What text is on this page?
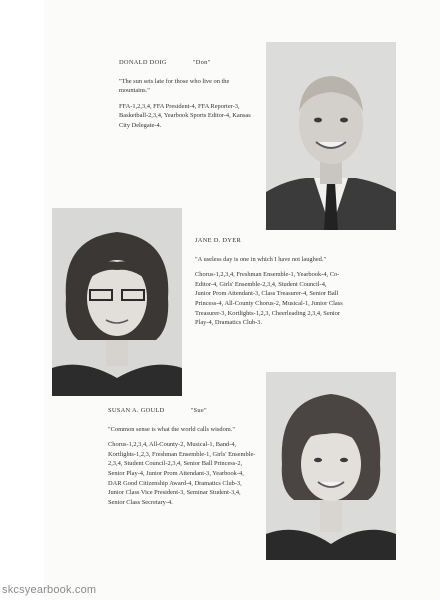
DONALD DOIG	"Don"

"The sun sets late for those who live on the mountains."

FFA-1,2,3,4, FFA President-4, FFA Reporter-3, Basketball-2,3,4, Yearbook Sports Editor-4, Kansas City Delegate-4.

JANE D. DYER

"A useless day is one in which I have not laughed."

Chorus-1,2,3,4, Freshman Ensemble-1, Yearbook-4, Co-Editor-4, Girls' Ensemble-2,3,4, Student Council-4, Junior Prom Attendant-3, Class Treasurer-4, Senior Ball Princess-4, All-County Chorus-2, Musical-1, Junior Class Treasurer-3, Kortlights-1,2,3, Cheerleading 2,3,4, Senior Play-4, Dramatics Club-3.

SUSAN A. GOULD	"Sue"

"Common sense is what the world calls wisdom."

Chorus-1,2,3,4, All-County-2, Musical-1, Band-4, Kortlights-1,2,3, Freshman Ensemble-1, Girls' Ensemble-2,3,4, Student Council-2,3,4, Senior Ball Princess-2, Senior Play-4, Junior Prom Attendant-3, Yearbook-4, DAR Good Citizenship Award-4, Dramatics Club-3, Junior Class Vice President-3, Seminar Student-3,4, Senior Class Secretary-4.

skcsyearbook.com
